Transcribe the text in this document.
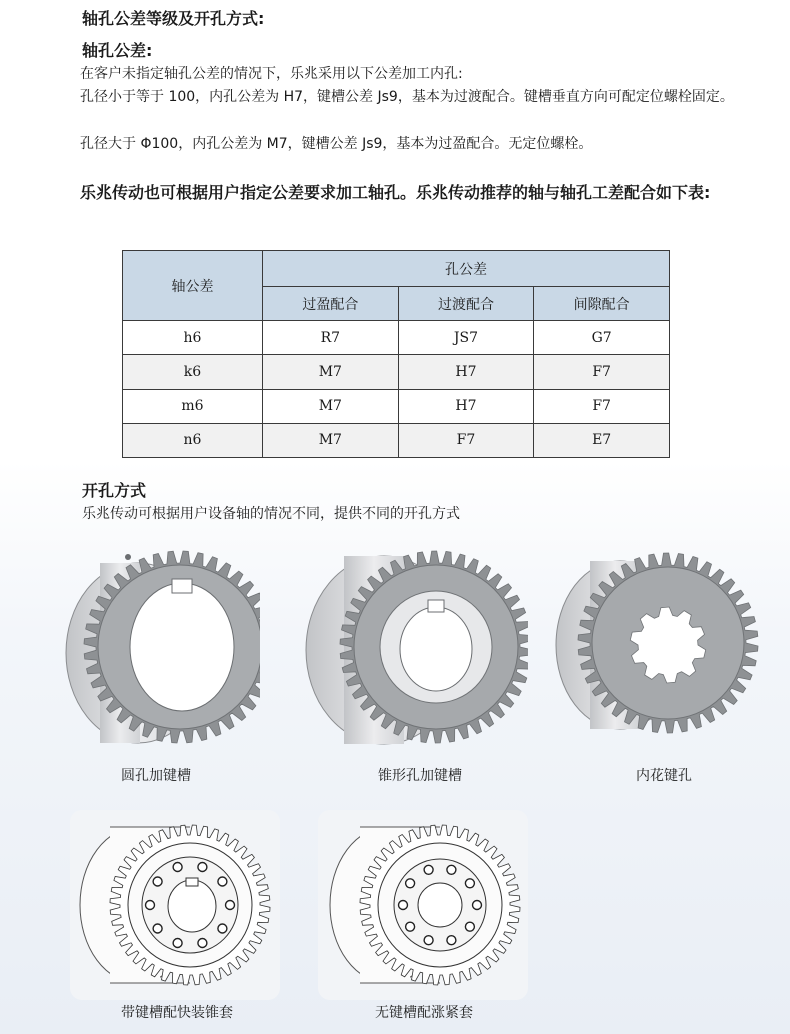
轴孔公差等级及开孔方式:
轴孔公差:
在客户未指定轴孔公差的情况下，乐兆采用以下公差加工内孔:
孔径小于等于 100，内孔公差为 H7，键槽公差 Js9，基本为过渡配合。键槽垂直方向可配定位螺栓固定。
孔径大于 Φ100，内孔公差为 M7，键槽公差 Js9，基本为过盈配合。无定位螺栓。
乐兆传动也可根据用户指定公差要求加工轴孔。乐兆传动推荐的轴与轴孔工差配合如下表:
轴公差	孔公差		
	过盈配合	过渡配合	间隙配合
h6	R7	JS7	G7
k6	M7	H7	F7
m6	M7	H7	F7
n6	M7	F7	E7
开孔方式
乐兆传动可根据用户设备轴的情况不同，提供不同的开孔方式
圆孔加键槽	锥形孔加键槽	内花键孔
带键槽配快装锥套	无键槽配涨紧套
